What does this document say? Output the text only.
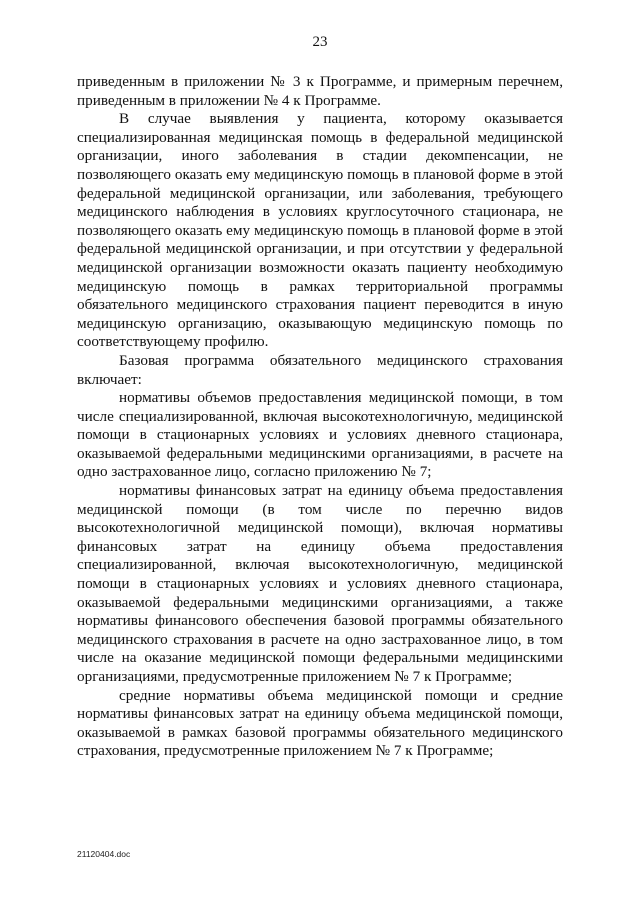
23

приведенным в приложении № 3 к Программе, и примерным перечнем, приведенным в приложении № 4 к Программе.

В случае выявления у пациента, которому оказывается специализированная медицинская помощь в федеральной медицинской организации, иного заболевания в стадии декомпенсации, не позволяющего оказать ему медицинскую помощь в плановой форме в этой федеральной медицинской организации, или заболевания, требующего медицинского наблюдения в условиях круглосуточного стационара, не позволяющего оказать ему медицинскую помощь в плановой форме в этой федеральной медицинской организации, и при отсутствии у федеральной медицинской организации возможности оказать пациенту необходимую медицинскую помощь в рамках территориальной программы обязательного медицинского страхования пациент переводится в иную медицинскую организацию, оказывающую медицинскую помощь по соответствующему профилю.

Базовая программа обязательного медицинского страхования включает:

нормативы объемов предоставления медицинской помощи, в том числе специализированной, включая высокотехнологичную, медицинской помощи в стационарных условиях и условиях дневного стационара, оказываемой федеральными медицинскими организациями, в расчете на одно застрахованное лицо, согласно приложению № 7;

нормативы финансовых затрат на единицу объема предоставления медицинской помощи (в том числе по перечню видов высокотехнологичной медицинской помощи), включая нормативы финансовых затрат на единицу объема предоставления специализированной, включая высокотехнологичную, медицинской помощи в стационарных условиях и условиях дневного стационара, оказываемой федеральными медицинскими организациями, а также нормативы финансового обеспечения базовой программы обязательного медицинского страхования в расчете на одно застрахованное лицо, в том числе на оказание медицинской помощи федеральными медицинскими организациями, предусмотренные приложением № 7 к Программе;

средние нормативы объема медицинской помощи и средние нормативы финансовых затрат на единицу объема медицинской помощи, оказываемой в рамках базовой программы обязательного медицинского страхования, предусмотренные приложением № 7 к Программе;

21120404.doc
